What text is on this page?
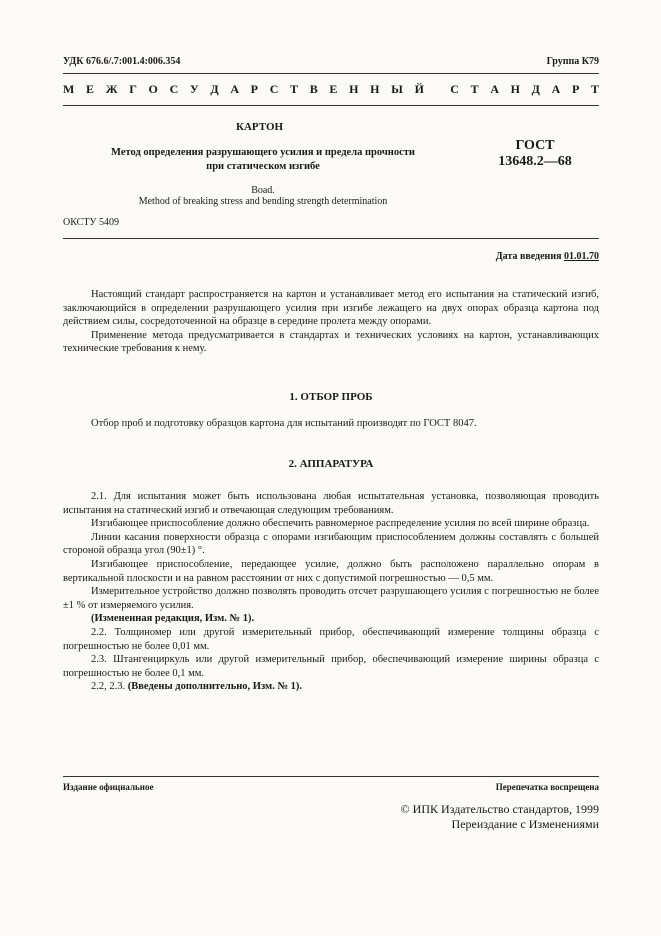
УДК 676.6/.7:001.4:006.354	Группа К79
М Е Ж Г О С У Д А Р С Т В Е Н Н Ы Й
С Т А Н Д А Р Т
КАРТОН
Метод определения разрушающего усилия и предела прочности
при статическом изгибе
ГОСТ
13648.2—68
Boad.
Method of breaking stress and bending strength determination
ОКСТУ 5409
Дата введения 01.01.70

Настоящий стандарт распространяется на картон и устанавливает метод его испытания на статический изгиб, заключающийся в определении разрушающего усилия при изгибе лежащего на двух опорах образца картона под действием силы, сосредоточенной на образце в середине пролета между опорами.

Применение метода предусматривается в стандартах и технических условиях на картон, устанавливающих технические требования к нему.

1. ОТБОР ПРОБ

Отбор проб и подготовку образцов картона для испытаний производят по ГОСТ 8047.

2. АППАРАТУРА

2.1. Для испытания может быть использована любая испытательная установка, позволяющая проводить испытания на статический изгиб и отвечающая следующим требованиям.

Изгибающее приспособление должно обеспечить равномерное распределение усилия по всей ширине образца.

Линии касания поверхности образца с опорами изгибающим приспособлением должны составлять с большей стороной образца угол (90±1) °.

Изгибающее приспособление, передающее усилие, должно быть расположено параллельно опорам в вертикальной плоскости и на равном расстоянии от них с допустимой погрешностью — 0,5 мм.

Измерительное устройство должно позволять проводить отсчет разрушающего усилия с погрешностью не более ±1 % от измеряемого усилия.

(Измененная редакция, Изм. № 1).

2.2. Толщиномер или другой измерительный прибор, обеспечивающий измерение толщины образца с погрешностью не более 0,01 мм.

2.3. Штангенциркуль или другой измерительный прибор, обеспечивающий измерение ширины образца с погрешностью не более 0,1 мм.

2.2, 2.3. (Введены дополнительно, Изм. № 1).

Издание официальное	Перепечатка воспрещена
© ИПК Издательство стандартов, 1999
Переиздание с Изменениями
